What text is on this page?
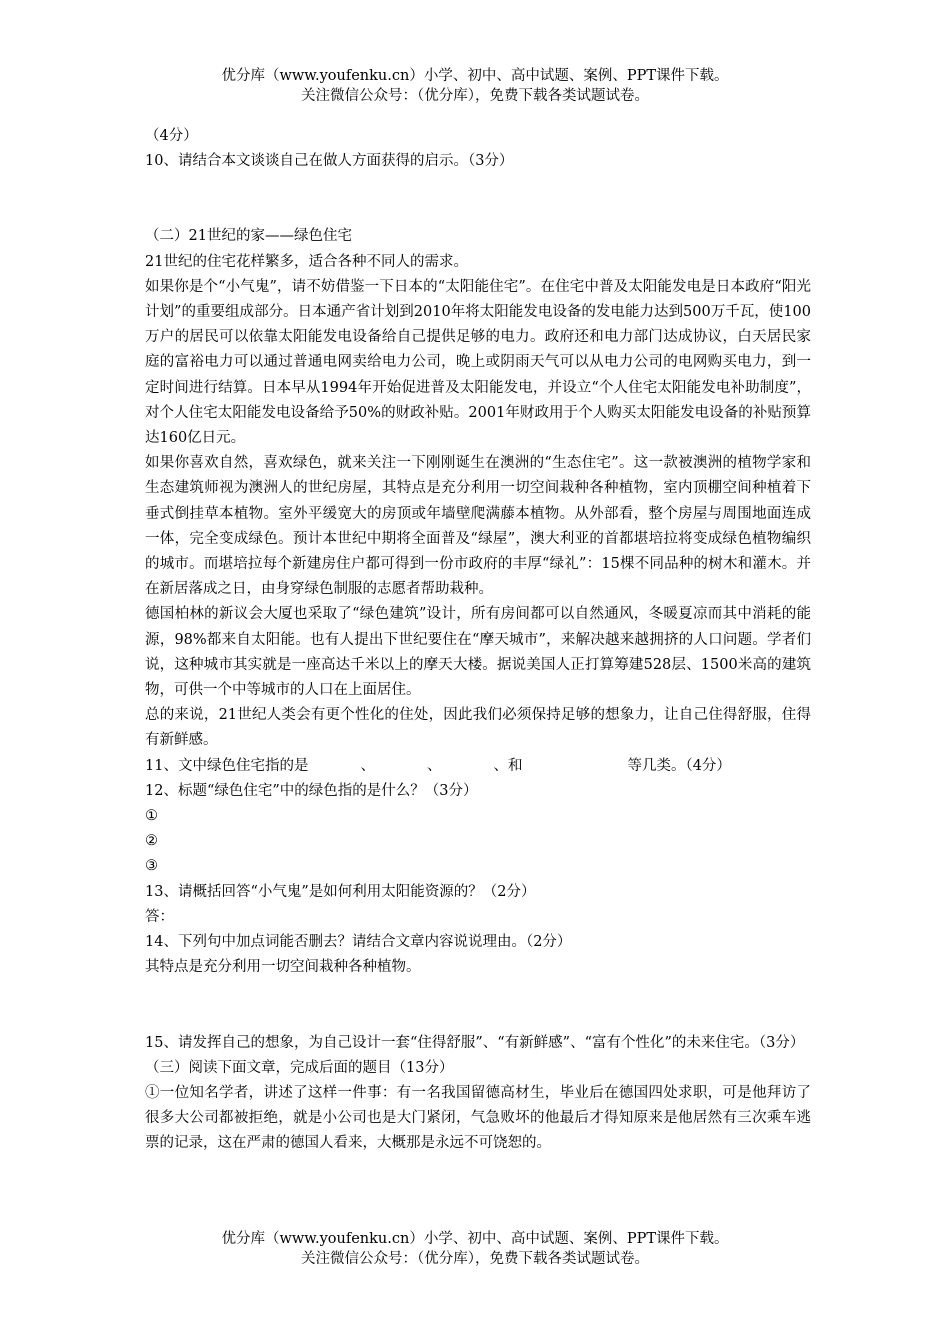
优分库（www.youfenku.cn）小学、初中、高中试题、案例、PPT课件下载。
关注微信公众号：（优分库），免费下载各类试题试卷。

（4分）

10、请结合本文谈谈自己在做人方面获得的启示。（3分）

（二）21世纪的家——绿色住宅

21世纪的住宅花样繁多，适合各种不同人的需求。

如果你是个“小气鬼”，请不妨借鉴一下日本的“太阳能住宅”。在住宅中普及太阳能发电是日本政府“阳光计划”的重要组成部分。日本通产省计划到2010年将太阳能发电设备的发电能力达到500万千瓦，使100万户的居民可以依靠太阳能发电设备给自己提供足够的电力。政府还和电力部门达成协议，白天居民家庭的富裕电力可以通过普通电网卖给电力公司，晚上或阴雨天气可以从电力公司的电网购买电力，到一定时间进行结算。日本早从1994年开始促进普及太阳能发电，并设立“个人住宅太阳能发电补助制度”，对个人住宅太阳能发电设备给予50%的财政补贴。2001年财政用于个人购买太阳能发电设备的补贴预算达160亿日元。

如果你喜欢自然，喜欢绿色，就来关注一下刚刚诞生在澳洲的“生态住宅”。这一款被澳洲的植物学家和生态建筑师视为澳洲人的世纪房屋，其特点是充分利用一切空间栽种各种植物，室内顶棚空间种植着下垂式倒挂草本植物。室外平缓宽大的房顶或年墙壁爬满藤本植物。从外部看，整个房屋与周围地面连成一体，完全变成绿色。预计本世纪中期将全面普及“绿屋”，澳大利亚的首都堪培拉将变成绿色植物编织的城市。而堪培拉每个新建房住户都可得到一份市政府的丰厚“绿礼”：15棵不同品种的树木和灌木。并在新居落成之日，由身穿绿色制服的志愿者帮助栽种。

德国柏林的新议会大厦也采取了“绿色建筑”设计，所有房间都可以自然通风，冬暖夏凉而其中消耗的能源，98%都来自太阳能。也有人提出下世纪要住在“摩天城市”，来解决越来越拥挤的人口问题。学者们说，这种城市其实就是一座高达千米以上的摩天大楼。据说美国人正打算筹建528层、1500米高的建筑物，可供一个中等城市的人口在上面居住。

总的来说，21世纪人类会有更个性化的住处，因此我们必须保持足够的想象力，让自己住得舒服，住得有新鲜感。

11、文中绿色住宅指的是	、	、	、和	等几类。（4分）

12、标题“绿色住宅”中的绿色指的是什么？（3分）

①

②

③

13、请概括回答“小气鬼”是如何利用太阳能资源的？（2分）

答：

14、下列句中加点词能否删去？请结合文章内容说说理由。（2分）

其特点是充分利用一切空间栽种各种植物。

15、请发挥自己的想象，为自己设计一套“住得舒服”、“有新鲜感”、“富有个性化”的未来住宅。（3分）

（三）阅读下面文章，完成后面的题目（13分）

①一位知名学者，讲述了这样一件事：有一名我国留德高材生，毕业后在德国四处求职，可是他拜访了很多大公司都被拒绝，就是小公司也是大门紧闭，气急败坏的他最后才得知原来是他居然有三次乘车逃票的记录，这在严肃的德国人看来，大概那是永远不可饶恕的。

优分库（www.youfenku.cn）小学、初中、高中试题、案例、PPT课件下载。
关注微信公众号：（优分库），免费下载各类试题试卷。
